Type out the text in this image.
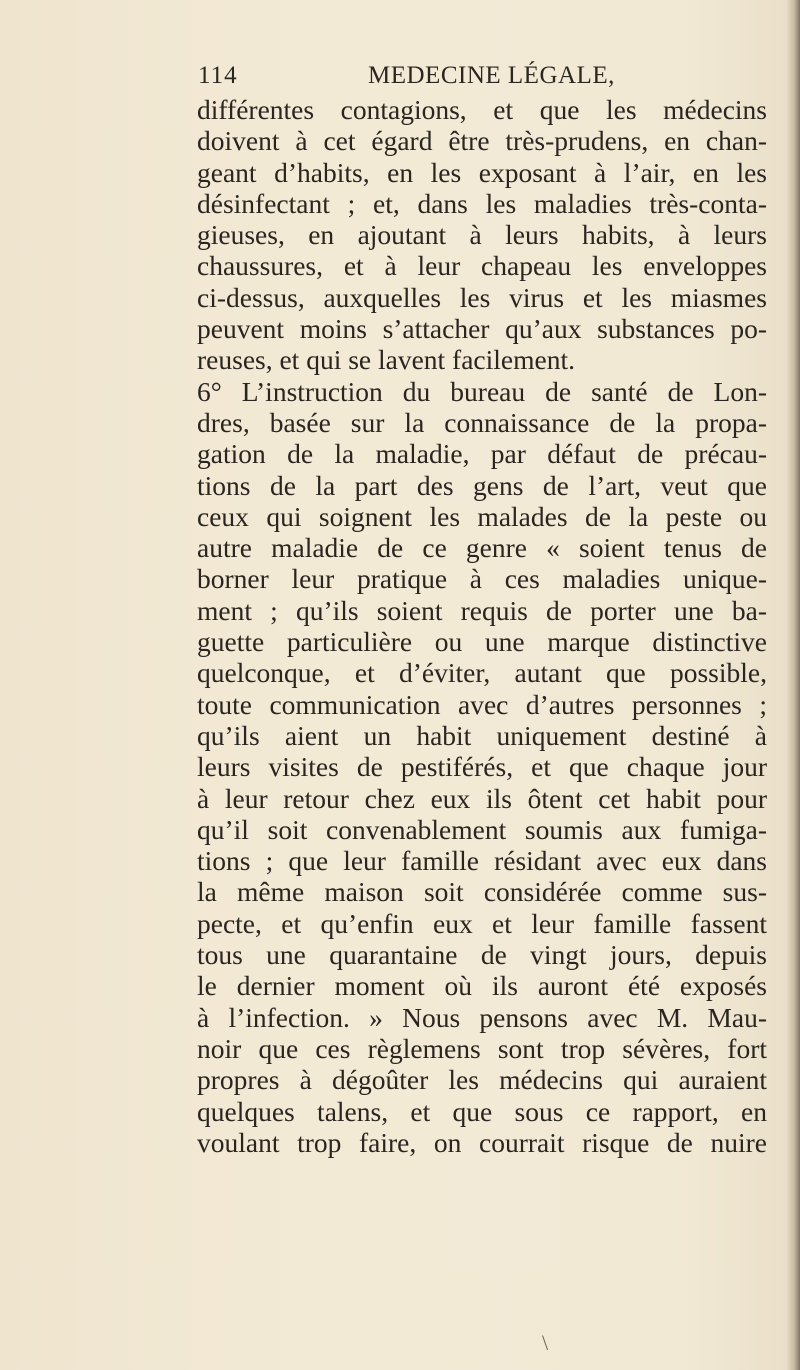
114	MEDECINE LÉGALE,
différentes contagions, et que les médecins
doivent à cet égard être très-prudens, en chan-
geant d’habits, en les exposant à l’air, en les
désinfectant ; et, dans les maladies très-conta-
gieuses, en ajoutant à leurs habits, à leurs
chaussures, et à leur chapeau les enveloppes
ci-dessus, auxquelles les virus et les miasmes
peuvent moins s’attacher qu’aux substances po-
reuses, et qui se lavent facilement.
6° L’instruction du bureau de santé de Lon-
dres, basée sur la connaissance de la propa-
gation de la maladie, par défaut de précau-
tions de la part des gens de l’art, veut que
ceux qui soignent les malades de la peste ou
autre maladie de ce genre « soient tenus de
borner leur pratique à ces maladies unique-
ment ; qu’ils soient requis de porter une ba-
guette particulière ou une marque distinctive
quelconque, et d’éviter, autant que possible,
toute communication avec d’autres personnes ;
qu’ils aient un habit uniquement destiné à
leurs visites de pestiférés, et que chaque jour
à leur retour chez eux ils ôtent cet habit pour
qu’il soit convenablement soumis aux fumiga-
tions ; que leur famille résidant avec eux dans
la même maison soit considérée comme sus-
pecte, et qu’enfin eux et leur famille fassent
tous une quarantaine de vingt jours, depuis
le dernier moment où ils auront été exposés
à l’infection. » Nous pensons avec M. Mau-
noir que ces règlemens sont trop sévères, fort
propres à dégoûter les médecins qui auraient
quelques talens, et que sous ce rapport, en
voulant trop faire, on courrait risque de nuire
\
